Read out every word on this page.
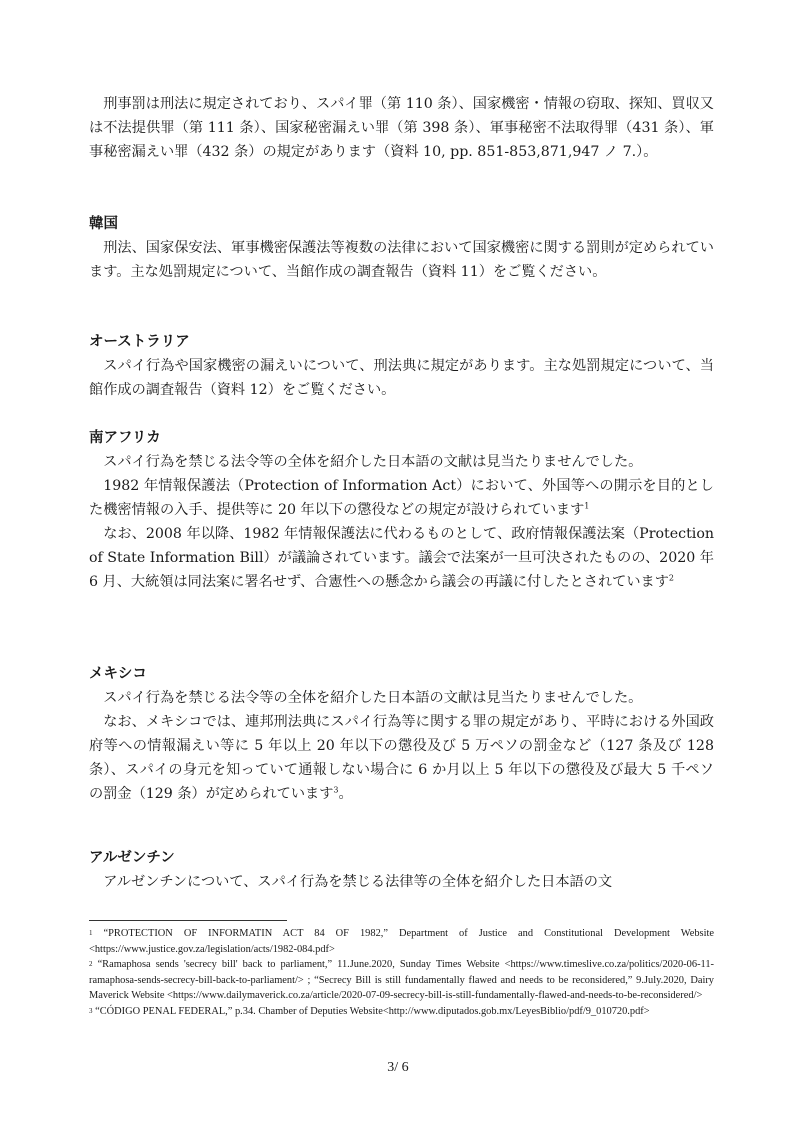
刑事罰は刑法に規定されており、スパイ罪（第 110 条）、国家機密・情報の窃取、探知、買収又は不法提供罪（第 111 条）、国家秘密漏えい罪（第 398 条）、軍事秘密不法取得罪（431 条）、軍事秘密漏えい罪（432 条）の規定があります（資料 10, pp. 851-853,871,947 ノ 7.）。

韓国

刑法、国家保安法、軍事機密保護法等複数の法律において国家機密に関する罰則が定められています。主な処罰規定について、当館作成の調査報告（資料 11）をご覧ください。

オーストラリア

スパイ行為や国家機密の漏えいについて、刑法典に規定があります。主な処罰規定について、当館作成の調査報告（資料 12）をご覧ください。

南アフリカ

スパイ行為を禁じる法令等の全体を紹介した日本語の文献は見当たりませんでした。

1982 年情報保護法（Protection of Information Act）において、外国等への開示を目的とした機密情報の入手、提供等に 20 年以下の懲役などの規定が設けられています$^1$

なお、2008 年以降、1982 年情報保護法に代わるものとして、政府情報保護法案（Protection of State Information Bill）が議論されています。議会で法案が一旦可決されたものの、2020 年 6 月、大統領は同法案に署名せず、合憲性への懸念から議会の再議に付したとされています$^2$

メキシコ

スパイ行為を禁じる法令等の全体を紹介した日本語の文献は見当たりませんでした。

なお、メキシコでは、連邦刑法典にスパイ行為等に関する罪の規定があり、平時における外国政府等への情報漏えい等に 5 年以上 20 年以下の懲役及び 5 万ペソの罰金など（127 条及び 128 条）、スパイの身元を知っていて通報しない場合に 6 か月以上 5 年以下の懲役及び最大 5 千ペソの罰金（129 条）が定められています$^3$。

アルゼンチン

アルゼンチンについて、スパイ行為を禁じる法律等の全体を紹介した日本語の文

$^1$ “PROTECTION OF INFORMATIN ACT 84 OF 1982,” Department of Justice and Constitutional Development Website <https://www.justice.gov.za/legislation/acts/1982-084.pdf>

$^2$ “Ramaphosa sends 'secrecy bill' back to parliament,” 11.June.2020, Sunday Times Website <https://www.timeslive.co.za/politics/2020-06-11-ramaphosa-sends-secrecy-bill-back-to-parliament/> ; “Secrecy Bill is still fundamentally flawed and needs to be reconsidered,” 9.July.2020, Dairy Maverick Website <https://www.dailymaverick.co.za/article/2020-07-09-secrecy-bill-is-still-fundamentally-flawed-and-needs-to-be-reconsidered/>

$^3$ “CÓDIGO PENAL FEDERAL,” p.34. Chamber of Deputies Website<http://www.diputados.gob.mx/LeyesBiblio/pdf/9_010720.pdf>

3/ 6
